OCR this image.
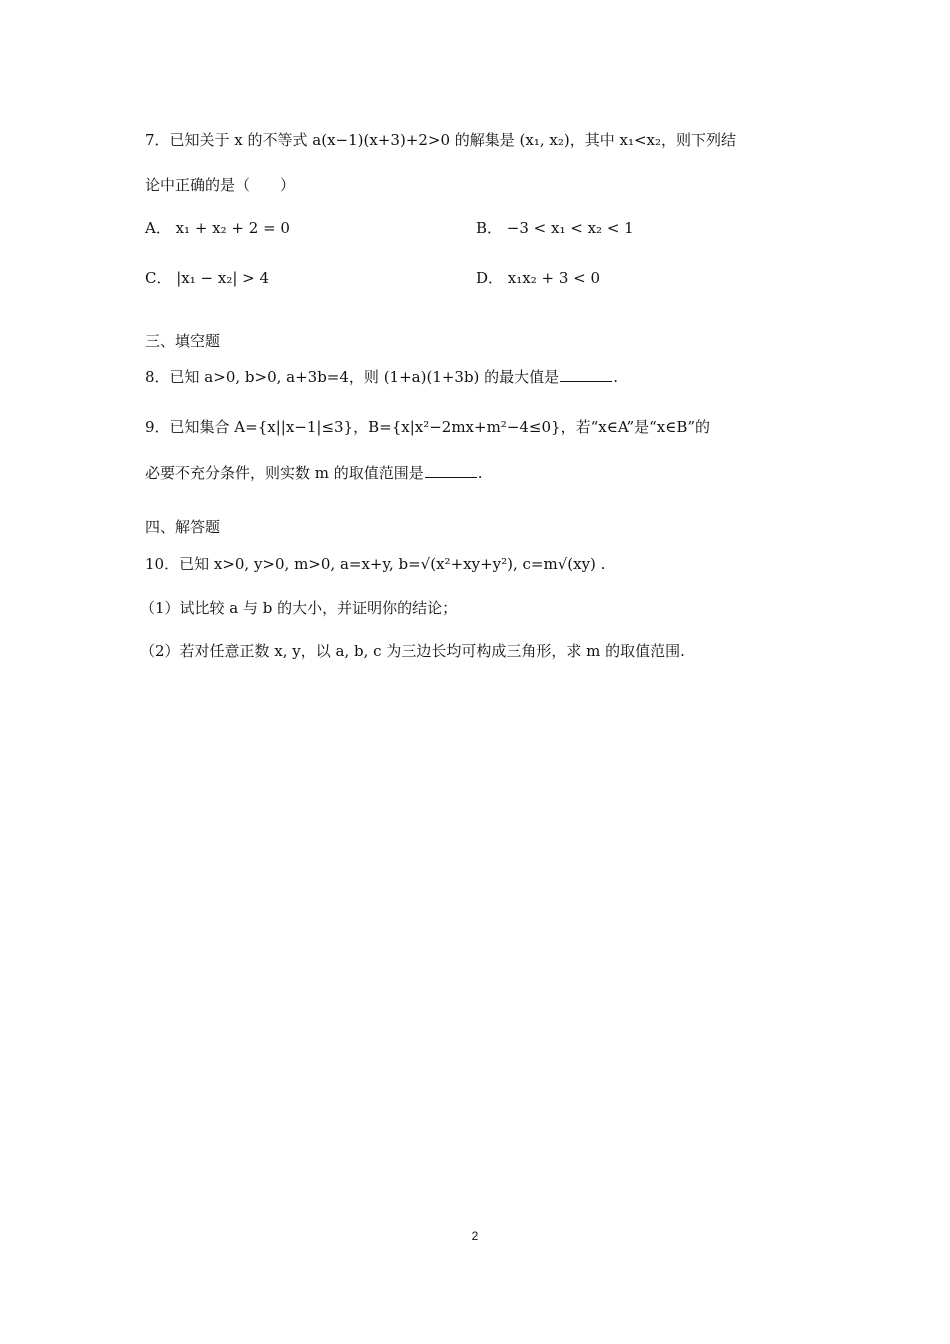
7．已知关于 x 的不等式 a(x−1)(x+3)+2>0 的解集是 (x₁, x₂)，其中 x₁<x₂，则下列结
论中正确的是（　　）
A． x₁ + x₂ + 2 = 0	B． −3 < x₁ < x₂ < 1
C． |x₁ − x₂| > 4	D． x₁x₂ + 3 < 0
三、填空题
8．已知 a>0, b>0, a+3b=4，则 (1+a)(1+3b) 的最大值是	.
9．已知集合 A={x||x−1|≤3}，B={x|x²−2mx+m²−4≤0}，若“x∈A”是“x∈B”的
必要不充分条件，则实数 m 的取值范围是	.
四、解答题
10．已知 x>0, y>0, m>0, a=x+y, b=√(x²+xy+y²), c=m√(xy) .
（1）试比较 a 与 b 的大小，并证明你的结论；
（2）若对任意正数 x, y，以 a, b, c 为三边长均可构成三角形，求 m 的取值范围.
2
